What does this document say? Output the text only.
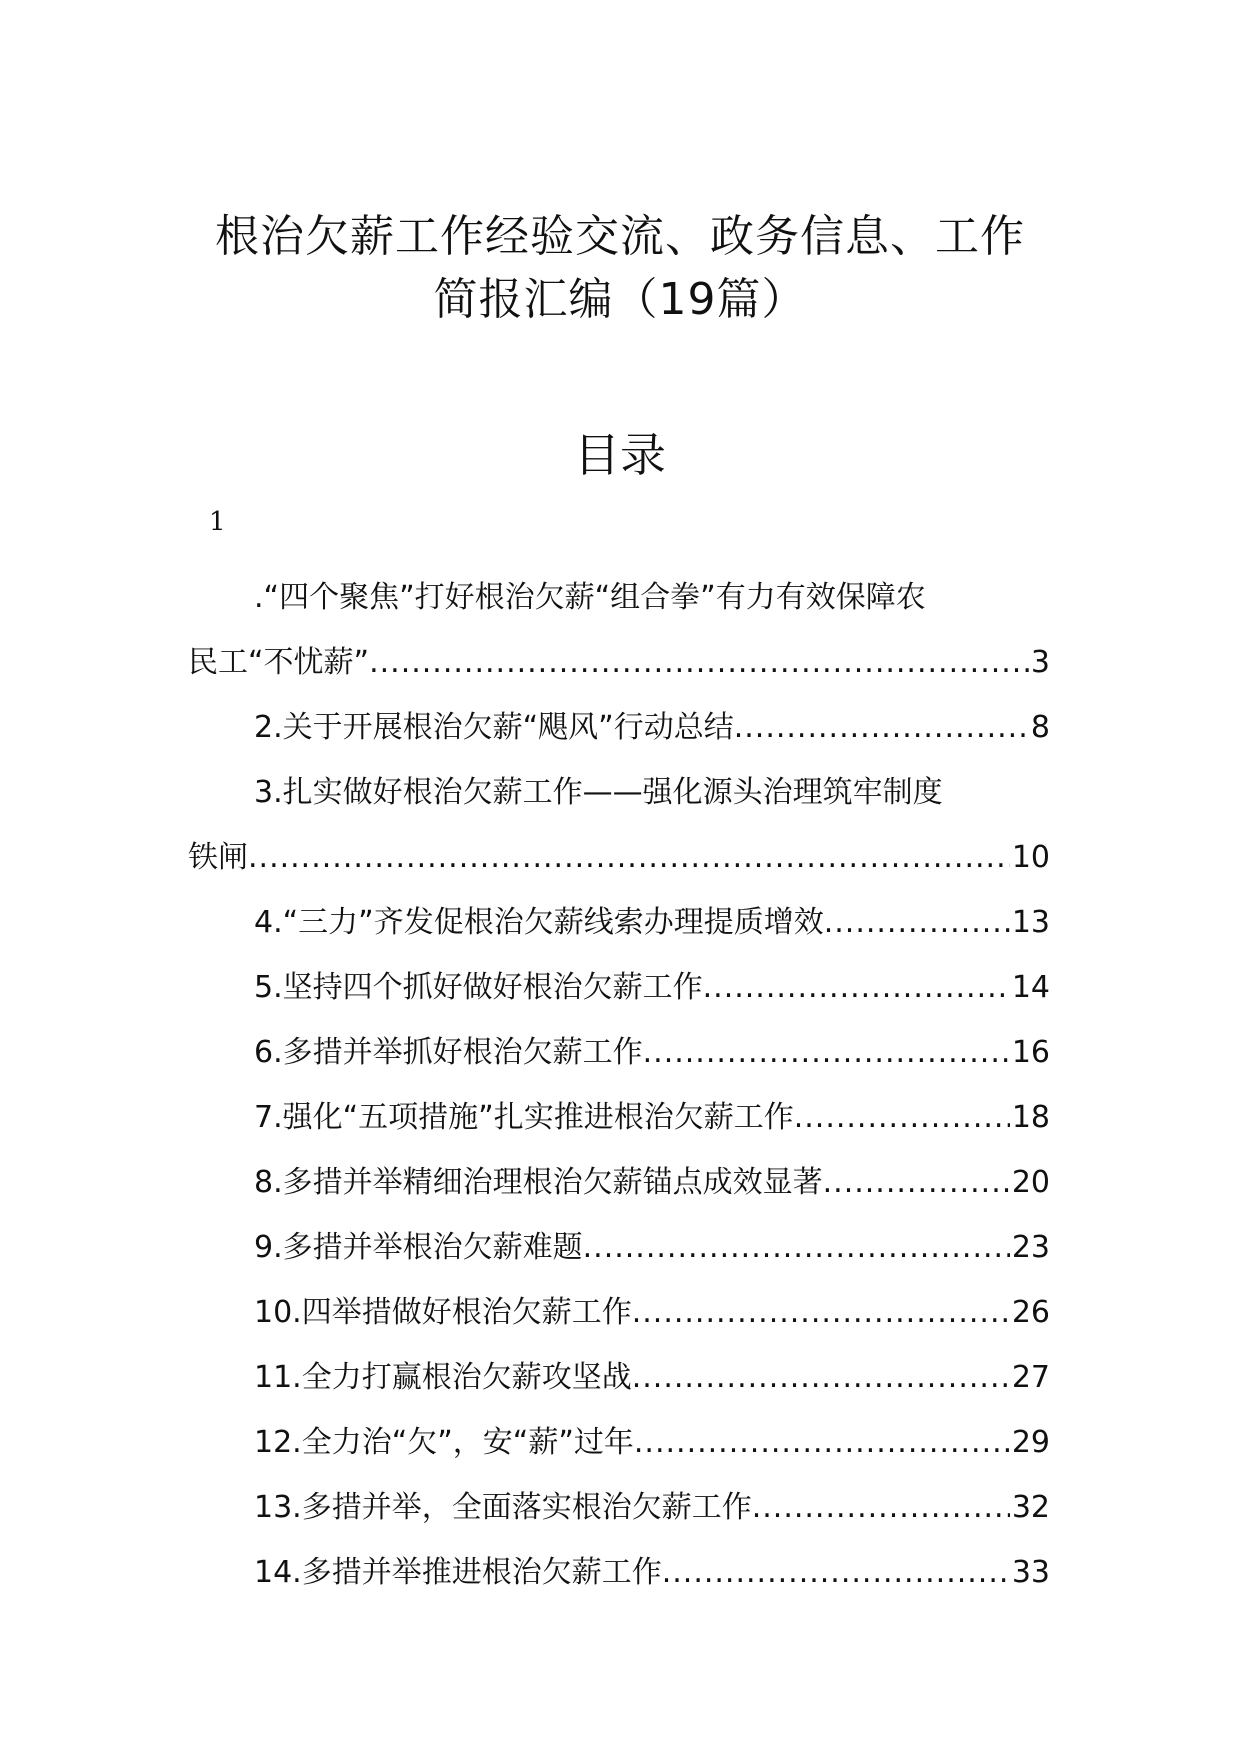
根治欠薪工作经验交流、政务信息、工作
简报汇编（19篇）
目录
1
.“四个聚焦”打好根治欠薪“组合拳”有力有效保障农
民工“不忧薪” .....	3
2.关于开展根治欠薪“飓风”行动总结 .....	8
3.扎实做好根治欠薪工作——强化源头治理筑牢制度
铁闸 .....	10
4.“三力”齐发促根治欠薪线索办理提质增效 .....	13
5.坚持四个抓好做好根治欠薪工作 .....	14
6.多措并举抓好根治欠薪工作 .....	16
7.强化“五项措施”扎实推进根治欠薪工作 .....	18
8.多措并举精细治理根治欠薪锚点成效显著 .....	20
9.多措并举根治欠薪难题 .....	23
10.四举措做好根治欠薪工作 .....	26
11.全力打赢根治欠薪攻坚战 .....	27
12.全力治“欠”，安“薪”过年 .....	29
13.多措并举，全面落实根治欠薪工作 .....	32
14.多措并举推进根治欠薪工作 .....	33
